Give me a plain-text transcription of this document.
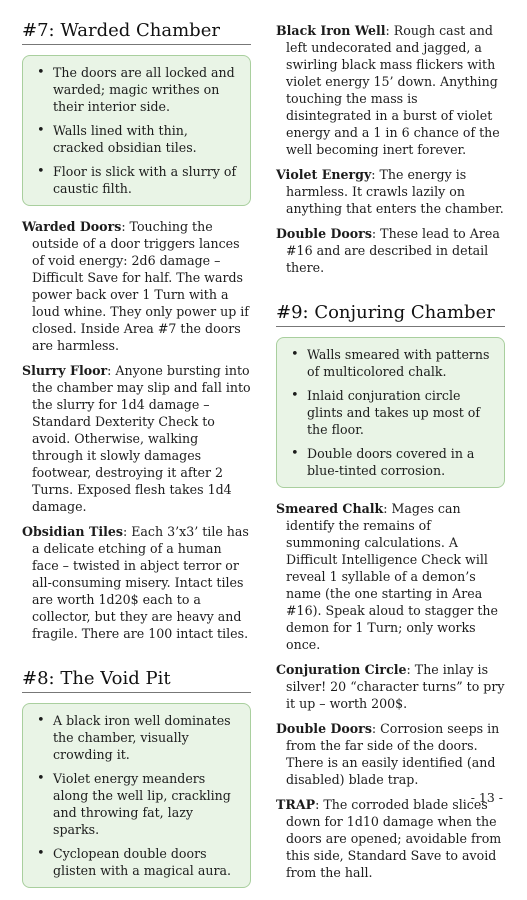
#7: Warded Chamber
• The doors are all locked and warded; magic writhes on their interior side.
• Walls lined with thin, cracked obsidian tiles.
• Floor is slick with a slurry of caustic filth.

Warded Doors: Touching the outside of a door triggers lances of void energy: 2d6 damage – Difficult Save for half. The wards power back over 1 Turn with a loud whine. They only power up if closed. Inside Area #7 the doors are harmless.

Slurry Floor: Anyone bursting into the chamber may slip and fall into the slurry for 1d4 damage – Standard Dexterity Check to avoid. Otherwise, walking through it slowly damages footwear, destroying it after 2 Turns. Exposed flesh takes 1d4 damage.

Obsidian Tiles: Each 3’x3’ tile has a delicate etching of a human face – twisted in abject terror or all-consuming misery. Intact tiles are worth 1d20$ each to a collector, but they are heavy and fragile. There are 100 intact tiles.

#8: The Void Pit
• A black iron well dominates the chamber, visually crowding it.
• Violet energy meanders along the well lip, crackling and throwing fat, lazy sparks.
• Cyclopean double doors glisten with a magical aura.

Black Iron Well: Rough cast and left undecorated and jagged, a swirling black mass flickers with violet energy 15’ down. Anything touching the mass is disintegrated in a burst of violet energy and a 1 in 6 chance of the well becoming inert forever.

Violet Energy: The energy is harmless. It crawls lazily on anything that enters the chamber.

Double Doors: These lead to Area #16 and are described in detail there.

#9: Conjuring Chamber
• Walls smeared with patterns of multicolored chalk.
• Inlaid conjuration circle glints and takes up most of the floor.
• Double doors covered in a blue-tinted corrosion.

Smeared Chalk: Mages can identify the remains of summoning calculations. A Difficult Intelligence Check will reveal 1 syllable of a demon’s name (the one starting in Area #16). Speak aloud to stagger the demon for 1 Turn; only works once.

Conjuration Circle: The inlay is silver! 20 “character turns” to pry it up – worth 200$.

Double Doors: Corrosion seeps in from the far side of the doors. There is an easily identified (and disabled) blade trap.

TRAP: The corroded blade slices down for 1d10 damage when the doors are opened; avoidable from this side, Standard Save to avoid from the hall.

- 13 -
